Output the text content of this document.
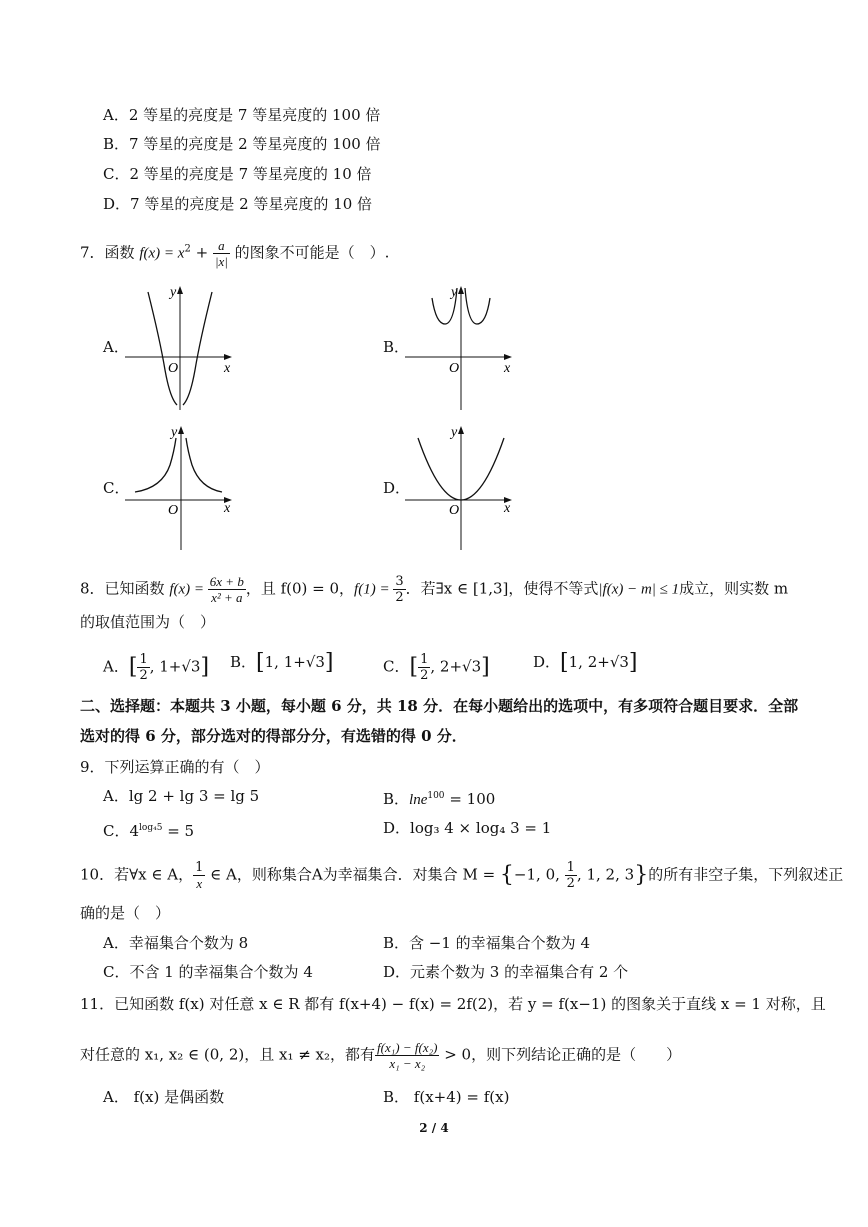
A．2 等星的亮度是 7 等星亮度的 100 倍
B．7 等星的亮度是 2 等星亮度的 100 倍
C．2 等星的亮度是 7 等星亮度的 10 倍
D．7 等星的亮度是 2 等星亮度的 10 倍
7．函数 $f(x) = x^2 + \frac{a}{|x|}$ 的图象不可能是（　）.
A．	B．
C．	D．
y
x
O
y
x
O
y
x
O
y
x
O
8．已知函数 $f(x) = \frac{6x + b}{\text{x² + a}}$ ，且 f(0) = 0，$f(1) = \frac{3}{2}$ ．若∃x ∈ [1,3]，使得不等式|f(x) − m| ≤ 1成立，则实数 m
的取值范围为（　）
A．[ $\frac{1}{2}$ , 1+√3] B．[1, 1+√3]	C．[ $\frac{1}{2}$ , 2+√3]	D．[1, 2+√3]
二、选择题：本题共 3 小题，每小题 6 分，共 18 分．在每小题给出的选项中，有多项符合题目要求．全部
选对的得 6 分，部分选对的得部分分，有选错的得 0 分．
9．下列运算正确的有（　）
A．lg 2 + lg 3 = lg 5	B．lne$^{100}$ = 100
C．$4^{log_45} = 5$	D．log₃ 4 × log₄ 3 = 1
10．若∀x ∈ A， $\frac{1}{x}$ ∈ A，则称集合A为幸福集合．对集合 M = {−1, 0, $\frac{1}{2}$ , 1, 2, 3}的所有非空子集，下列叙述正
确的是（　）
A．幸福集合个数为 8	B．含 −1 的幸福集合个数为 4
C．不含 1 的幸福集合个数为 4	D．元素个数为 3 的幸福集合有 2 个
11．已知函数 f(x) 对任意 x ∈ R 都有 f(x+4) − f(x) = 2f(2)，若 y = f(x−1) 的图象关于直线 x = 1 对称，且
对任意的 x₁, x₂ ∈ (0, 2)，且 x₁ ≠ x₂，都有 $\frac{\text{f(x₁) − f(x₂)}}{\text{x₁ − x₂}} > 0$，则下列结论正确的是（　　）
A． f(x) 是偶函数	B． f(x+4) = f(x)
2 / 4
